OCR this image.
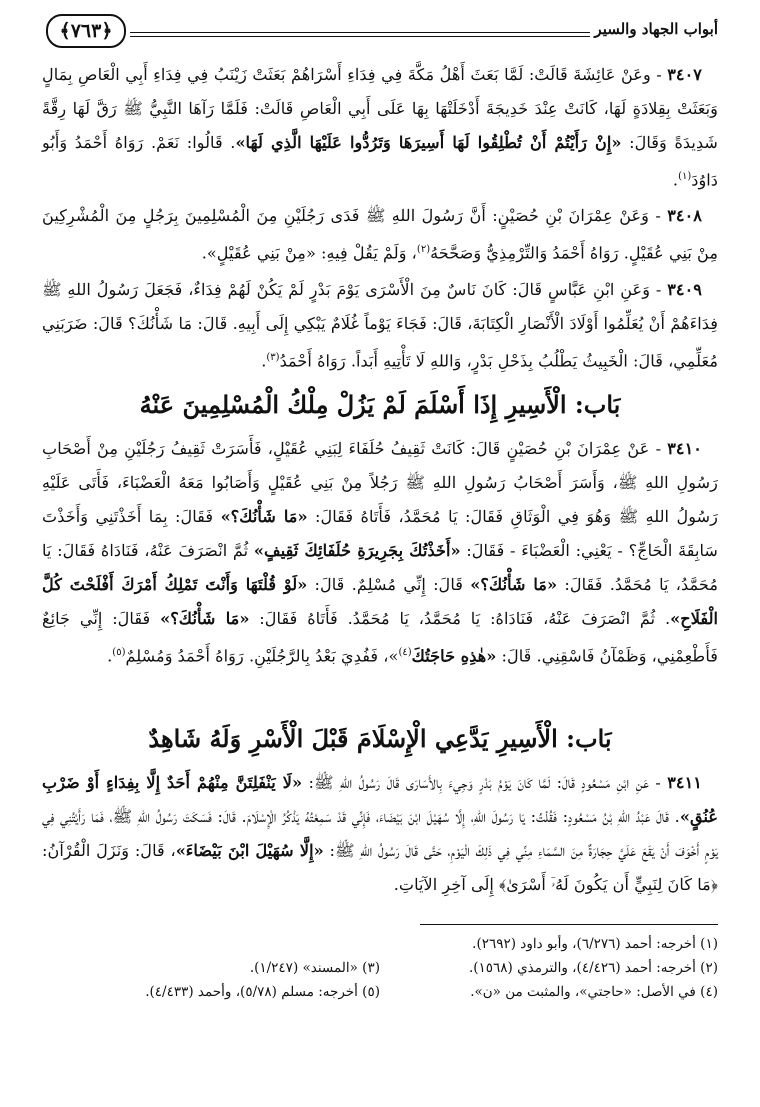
أبواب الجهاد والسير
﴿٧٦٣﴾

٣٤٠٧ - وعَنْ عَائِشَةَ قَالَتْ: لَمَّا بَعَثَ أَهْلُ مَكَّةَ فِي فِدَاءِ أَسْرَاهُمْ بَعَثَتْ زَيْنَبُ فِي فِدَاءِ أَبِي الْعَاصِ بِمَالٍ وَبَعَثَتْ بِقِلادَةٍ لَهَا، كَانَتْ عِنْدَ خَدِيجَةَ أَدْخَلَتْهَا بِهَا عَلَى أَبِي الْعَاصِ قَالَتْ: فَلَمَّا رَآهَا النَّبِيُّ ﷺ رَقَّ لَهَا رِقَّةً شَدِيدَةً وَقَالَ: «إِنْ رَأَيْتُمْ أَنْ تُطْلِقُوا لَهَا أَسِيرَهَا وَتَرُدُّوا عَلَيْهَا الَّذِي لَهَا». قَالُوا: نَعَمْ. رَوَاهُ أَحْمَدُ وَأَبُو دَاوُدَ$^{(١)}$.

٣٤٠٨ - وَعَنْ عِمْرَانَ بْنِ حُصَيْنٍ: أَنَّ رَسُولَ اللهِ ﷺ فَدَى رَجُلَيْنِ مِنَ الْمُسْلِمِينَ بِرَجُلٍ مِنَ الْمُشْرِكِينَ مِنْ بَنِي عُقَيْلٍ. رَوَاهُ أَحْمَدُ وَالتِّرْمِذِيُّ وَصَحَّحَهُ$^{(٢)}$، وَلَمْ يَقُلْ فِيهِ: «مِنْ بَنِي عُقَيْلٍ».

٣٤٠٩ - وَعَنِ ابْنِ عَبَّاسٍ قَالَ: كَانَ نَاسٌ مِنَ الْأَسْرَى يَوْمَ بَدْرٍ لَمْ يَكُنْ لَهُمْ فِدَاءٌ، فَجَعَلَ رَسُولُ اللهِ ﷺ فِدَاءَهُمْ أَنْ يُعَلِّمُوا أَوْلَادَ الْأَنْصَارِ الْكِتَابَةَ، قَالَ: فَجَاءَ يَوْماً غُلَامٌ يَبْكِي إِلَى أَبِيهِ. قَالَ: مَا شَأْنُكَ؟ قَالَ: ضَرَبَنِي مُعَلِّمِي، قَالَ: الْخَبِيثُ يَطْلُبُ بِذَحْلِ بَدْرٍ، وَاللهِ لَا تَأْتِيهِ أَبَداً. رَوَاهُ أَحْمَدُ$^{(٣)}$.

بَاب: الْأَسِيرِ إِذَا أَسْلَمَ لَمْ يَزُلْ مِلْكُ الْمُسْلِمِينَ عَنْهُ

٣٤١٠ - عَنْ عِمْرَانَ بْنِ حُصَيْنٍ قَالَ: كَانَتْ ثَقِيفُ حُلَفَاءَ لِبَنِي عُقَيْلٍ، فَأَسَرَتْ ثَقِيفُ رَجُلَيْنِ مِنْ أَصْحَابِ رَسُولِ اللهِ ﷺ، وَأَسَرَ أَصْحَابُ رَسُولِ اللهِ ﷺ رَجُلاً مِنْ بَنِي عُقَيْلٍ وَأَصَابُوا مَعَهُ الْعَضْبَاءَ، فَأَتَى عَلَيْهِ رَسُولُ اللهِ ﷺ وَهُوَ فِي الْوَثَاقِ فَقَالَ: يَا مُحَمَّدُ، فَأَتَاهُ فَقَالَ: «مَا شَأْنُكَ؟» فَقَالَ: بِمَا أَخَذْتَنِي وَأَخَذْتَ سَابِقَةَ الْحَاجِّ؟ - يَعْنِي: الْعَضْبَاءَ - فَقَالَ: «أَخَذْتُكَ بِجَرِيرَةِ حُلَفَائِكَ ثَقِيفٍ» ثُمَّ انْصَرَفَ عَنْهُ، فَنَادَاهُ فَقَالَ: يَا مُحَمَّدُ، يَا مُحَمَّدُ. فَقَالَ: «مَا شَأْنُكَ؟» قَالَ: إِنِّي مُسْلِمٌ. قَالَ: «لَوْ قُلْتَهَا وَأَنْتَ تَمْلِكُ أَمْرَكَ أَفْلَحْتَ كُلَّ الْفَلَاحِ». ثُمَّ انْصَرَفَ عَنْهُ، فَنَادَاهُ: يَا مُحَمَّدُ، يَا مُحَمَّدُ. فَأَتَاهُ فَقَالَ: «مَا شَأْنُكَ؟» فَقَالَ: إِنِّي جَائِعٌ فَأَطْعِمْنِي، وَظَمْآنُ فَاسْقِنِي. قَالَ: «هٰذِهِ حَاجَتُكَ$^{(٤)}$»، فَفُدِيَ بَعْدُ بِالرَّجُلَيْنِ. رَوَاهُ أَحْمَدُ وَمُسْلِمٌ$^{(٥)}$.

بَاب: الْأَسِيرِ يَدَّعِي الْإِسْلَامَ قَبْلَ الْأَسْرِ وَلَهُ شَاهِدٌ

٣٤١١ - عَنِ ابْنِ مَسْعُودٍ قَالَ: لَمَّا كَانَ يَوْمُ بَدْرٍ وَجِيءَ بِالأَسَارَى قَالَ رَسُولُ اللهِ ﷺ: «لَا يَنْفَلِتَنَّ مِنْهُمْ أَحَدٌ إِلَّا بِفِدَاءٍ أَوْ ضَرْبِ عُنُقٍ». قَالَ عَبْدُ اللهِ بْنُ مَسْعُودٍ: فَقُلْتُ: يَا رَسُولَ اللهِ، إِلَّا سُهَيْلَ ابْنَ بَيْضَاءَ، فَإِنِّي قَدْ سَمِعْتُهُ يَذْكُرُ الْإِسْلَامَ. قَالَ: فَسَكَتَ رَسُولُ اللهِ ﷺ، فَمَا رَأَيْتُنِي فِي يَوْمٍ أَخْوَفَ أَنْ يَقَعَ عَلَيَّ حِجَارَةٌ مِنَ السَّمَاءِ مِنِّي فِي ذَلِكَ الْيَوْمِ، حَتَّى قَالَ رَسُولُ اللهِ ﷺ: «إِلَّا سُهَيْلَ ابْنَ بَيْضَاءَ»، قَالَ: وَنَزَلَ الْقُرْآنُ: ﴿مَا كَانَ لِنَبِيٍّ أَن يَكُونَ لَهُۥٓ أَسْرَىٰ﴾ إِلَى آخِرِ الآيَاتِ.

(١) أخرجه: أحمد (٦/٢٧٦)، وأبو داود (٢٦٩٢).
(٢) أخرجه: أحمد (٤/٤٢٦)، والترمذي (١٥٦٨).
(٣) «المسند» (١/٢٤٧).
(٤) في الأصل: «حاجتي»، والمثبت من «ن».
(٥) أخرجه: مسلم (٥/٧٨)، وأحمد (٤/٤٣٣).
